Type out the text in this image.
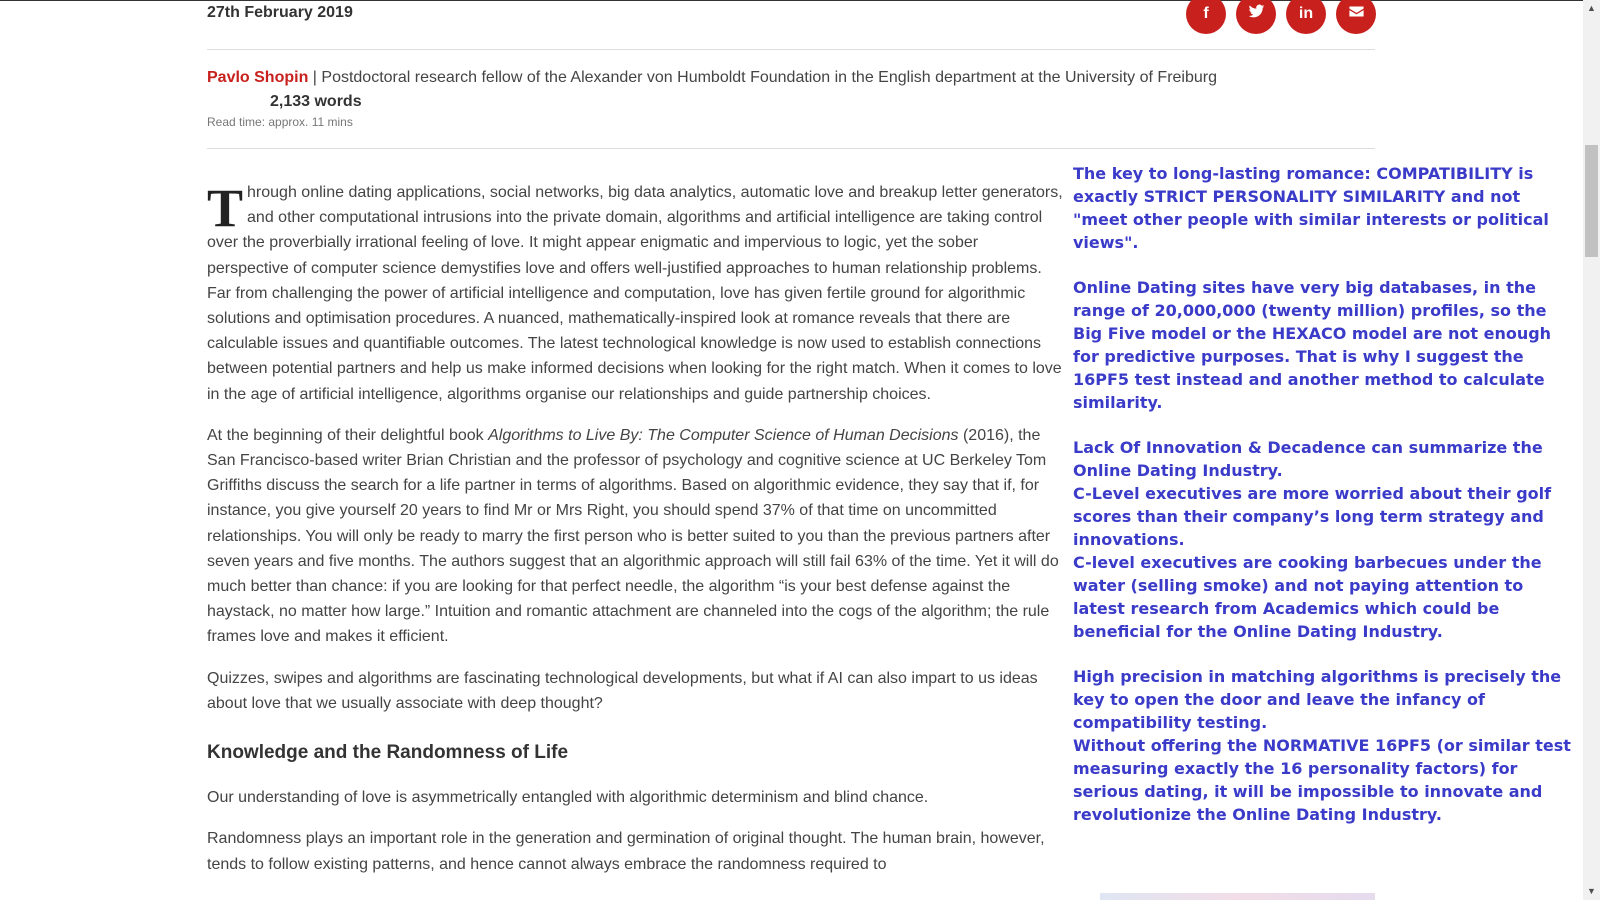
27th February 2019	f	in
Pavlo Shopin | Postdoctoral research fellow of the Alexander von Humboldt Foundation in the English department at the University of Freiburg
2,133 words
Read time: approx. 11 mins

Through online dating applications, social networks, big data analytics, automatic love and breakup letter generators, and other computational intrusions into the private domain, algorithms and artificial intelligence are taking control over the proverbially irrational feeling of love. It might appear enigmatic and impervious to logic, yet the sober perspective of computer science demystifies love and offers well-justified approaches to human relationship problems. Far from challenging the power of artificial intelligence and computation, love has given fertile ground for algorithmic solutions and optimisation procedures. A nuanced, mathematically-inspired look at romance reveals that there are calculable issues and quantifiable outcomes. The latest technological knowledge is now used to establish connections between potential partners and help us make informed decisions when looking for the right match. When it comes to love in the age of artificial intelligence, algorithms organise our relationships and guide partnership choices.

At the beginning of their delightful book Algorithms to Live By: The Computer Science of Human Decisions (2016), the San Francisco-based writer Brian Christian and the professor of psychology and cognitive science at UC Berkeley Tom Griffiths discuss the search for a life partner in terms of algorithms. Based on algorithmic evidence, they say that if, for instance, you give yourself 20 years to find Mr or Mrs Right, you should spend 37% of that time on uncommitted relationships. You will only be ready to marry the first person who is better suited to you than the previous partners after seven years and five months. The authors suggest that an algorithmic approach will still fail 63% of the time. Yet it will do much better than chance: if you are looking for that perfect needle, the algorithm “is your best defense against the haystack, no matter how large.” Intuition and romantic attachment are channeled into the cogs of the algorithm; the rule frames love and makes it efficient.

Quizzes, swipes and algorithms are fascinating technological developments, but what if AI can also impart to us ideas about love that we usually associate with deep thought?

Knowledge and the Randomness of Life

Our understanding of love is asymmetrically entangled with algorithmic determinism and blind chance.

Randomness plays an important role in the generation and germination of original thought. The human brain, however, tends to follow existing patterns, and hence cannot always embrace the randomness required to

The key to long-lasting romance: COMPATIBILITY is exactly STRICT PERSONALITY SIMILARITY and not "meet other people with similar interests or political views".

Online Dating sites have very big databases, in the range of 20,000,000 (twenty million) profiles, so the Big Five model or the HEXACO model are not enough for predictive purposes. That is why I suggest the 16PF5 test instead and another method to calculate similarity.

Lack Of Innovation & Decadence can summarize the Online Dating Industry.
C-Level executives are more worried about their golf scores than their company’s long term strategy and innovations.
C-level executives are cooking barbecues under the water (selling smoke) and not paying attention to latest research from Academics which could be beneficial for the Online Dating Industry.

High precision in matching algorithms is precisely the key to open the door and leave the infancy of compatibility testing.
Without offering the NORMATIVE 16PF5 (or similar test measuring exactly the 16 personality factors) for serious dating, it will be impossible to innovate and revolutionize the Online Dating Industry.

▲
▼
